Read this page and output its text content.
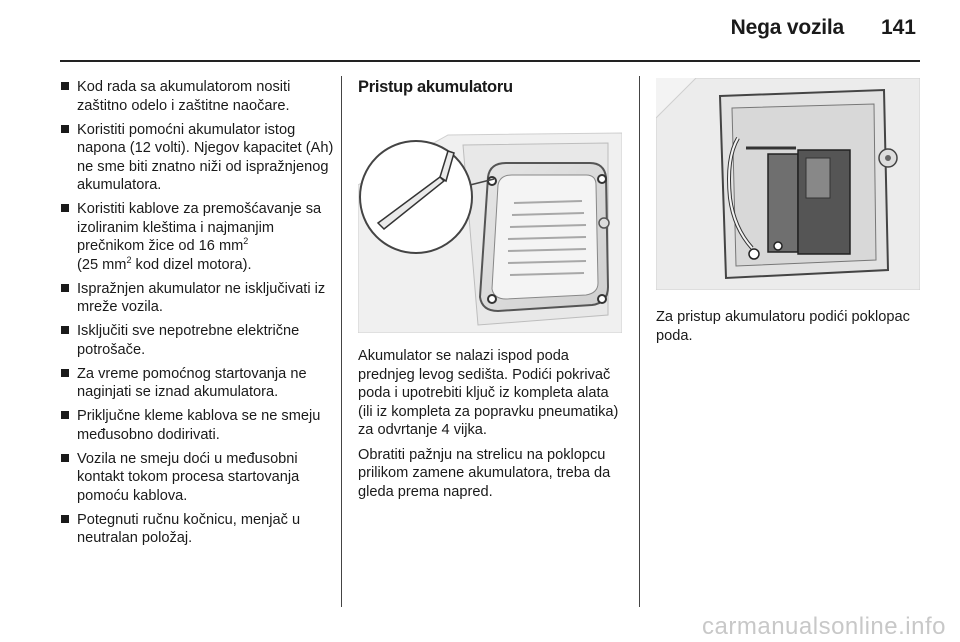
Nega vozila 141
Kod rada sa akumulatorom nositi zaštitno odelo i zaštitne naočare.
Koristiti pomoćni akumulator istog napona (12 volti). Njegov kapacitet (Ah) ne sme biti znatno niži od ispražnjenog akumulatora.
Koristiti kablove za premošćavanje sa izoliranim kleštima i najmanjim prečnikom žice od 16 $mm^2$
(25 $mm^2$ kod dizel motora).
Ispražnjen akumulator ne isključivati iz mreže vozila.
Isključiti sve nepotrebne električne potrošače.
Za vreme pomoćnog startovanja ne naginjati se iznad akumulatora.
Priključne kleme kablova se ne smeju međusobno dodirivati.
Vozila ne smeju doći u međusobni kontakt tokom procesa startovanja pomoću kablova.
Potegnuti ručnu kočnicu, menjač u neutralan položaj.
Pristup akumulatoru

Akumulator se nalazi ispod poda prednjeg levog sedišta. Podići pokrivač poda i upotrebiti ključ iz kompleta alata (ili iz kompleta za popravku pneumatika) za odvrtanje 4 vijka.

Obratiti pažnju na strelicu na poklopcu prilikom zamene akumulatora, treba da gleda prema napred.

Za pristup akumulatoru podići poklopac poda.

carmanualsonline.info
